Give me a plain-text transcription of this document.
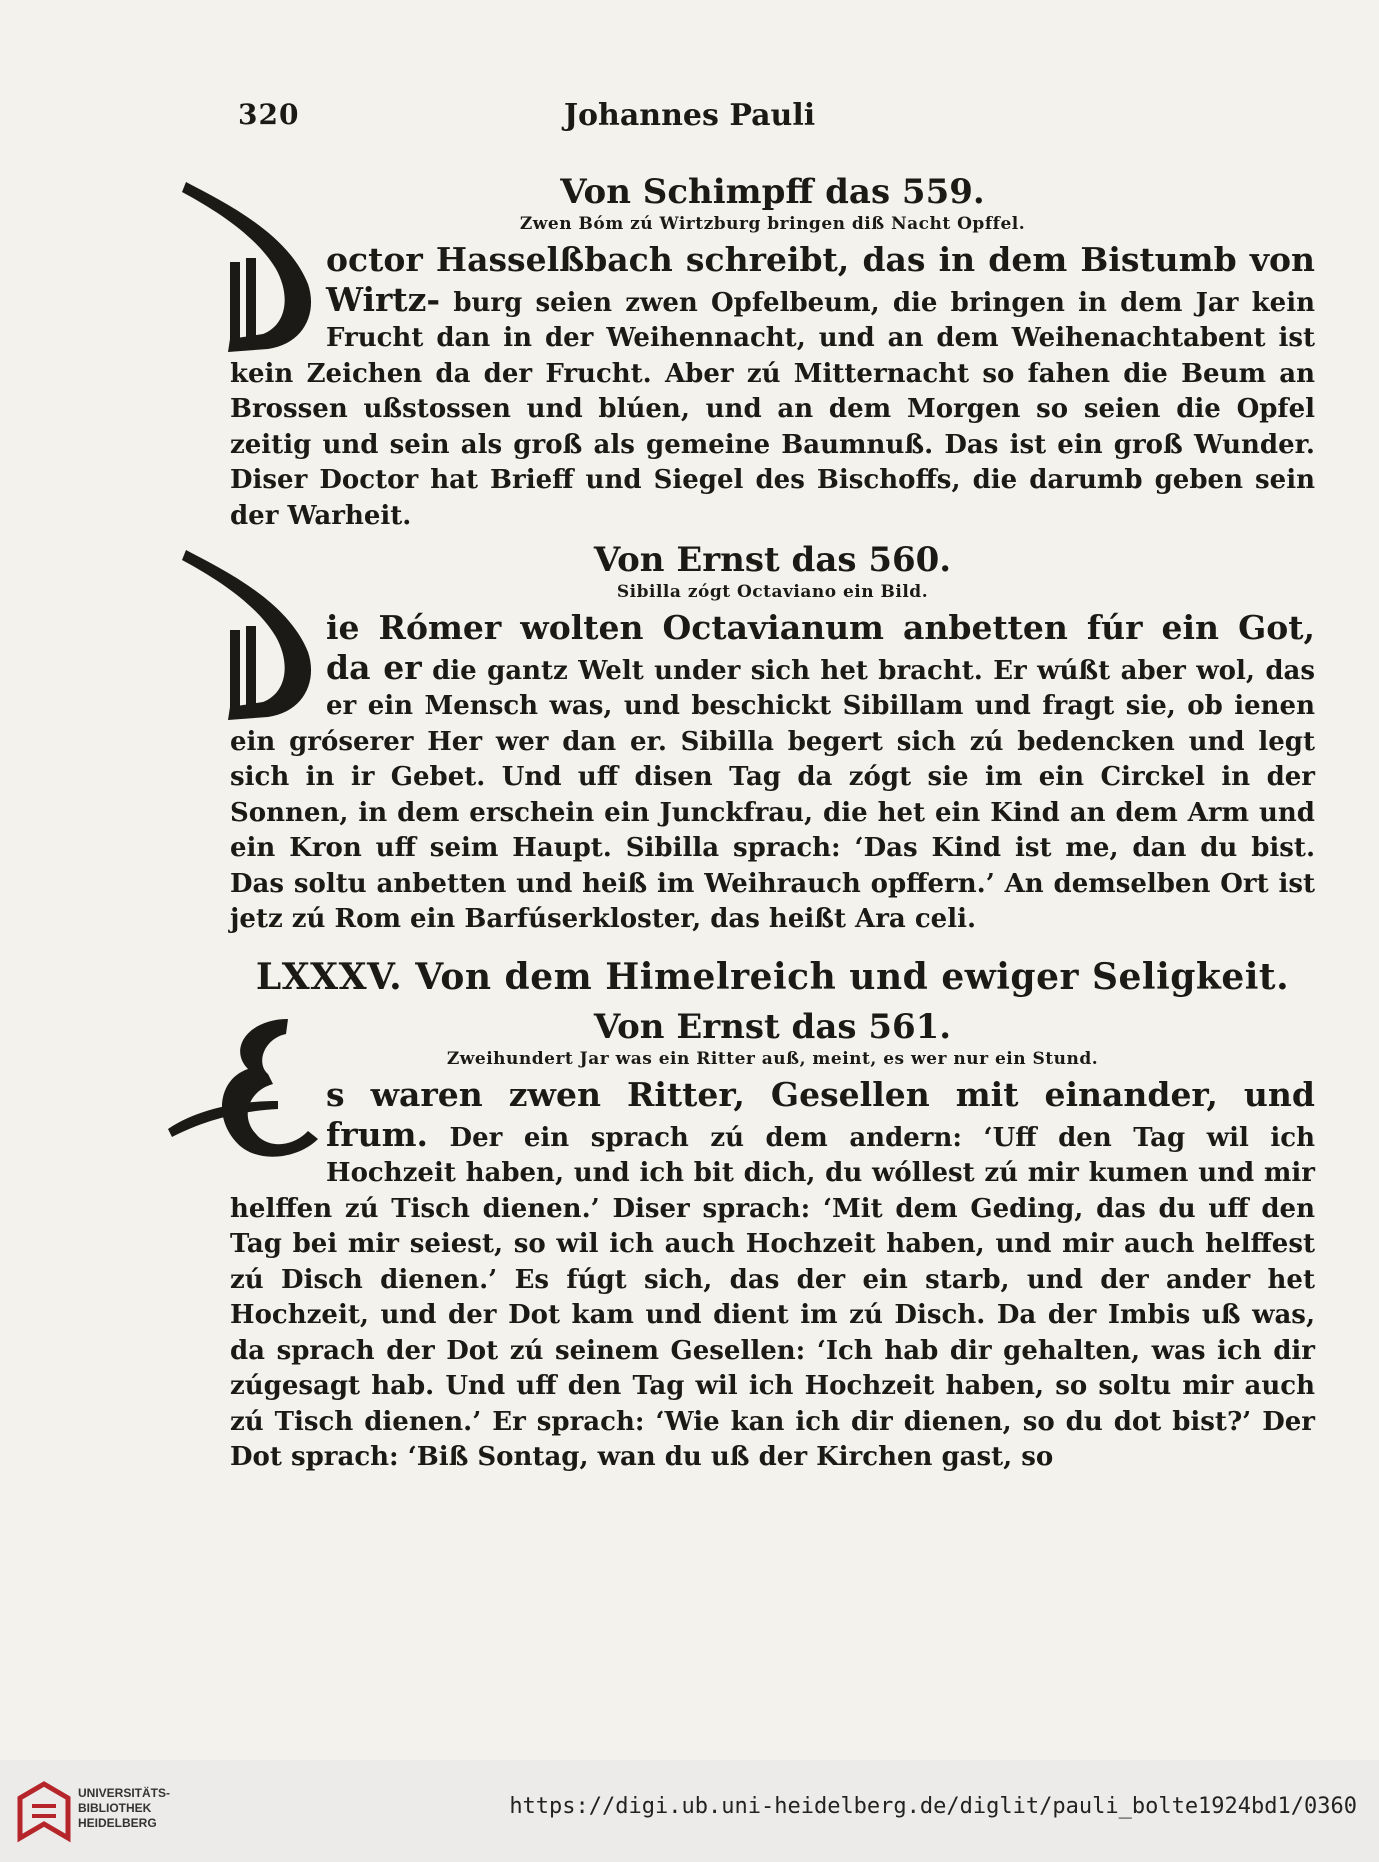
320	Johannes Pauli
Von Schimpff das 559.

Zwen Bóm zú Wirtzburg bringen diß Nacht Opffel.

octor Hasselßbach schreibt, das in dem Bistumb von Wirtz- burg seien zwen Opfelbeum, die bringen in dem Jar kein Frucht dan in der Weihennacht, und an dem Weihenachtabent ist kein Zeichen da der Frucht. Aber zú Mitternacht so fahen die Beum an Brossen ußstossen und blúen, und an dem Morgen so seien die Opfel zeitig und sein als groß als gemeine Baumnuß. Das ist ein groß Wunder. Diser Doctor hat Brieff und Siegel des Bischoffs, die darumb geben sein der Warheit.
Von Ernst das 560.

Sibilla zógt Octaviano ein Bild.

ie Rómer wolten Octavianum anbetten fúr ein Got, da er die gantz Welt under sich het bracht. Er wúßt aber wol, das er ein Mensch was, und beschickt Sibillam und fragt sie, ob ienen ein gróserer Her wer dan er. Sibilla begert sich zú bedencken und legt sich in ir Gebet. Und uff disen Tag da zógt sie im ein Circkel in der Sonnen, in dem erschein ein Junckfrau, die het ein Kind an dem Arm und ein Kron uff seim Haupt. Sibilla sprach: ‘Das Kind ist me, dan du bist. Das soltu anbetten und heiß im Weihrauch opffern.’ An demselben Ort ist jetz zú Rom ein Barfúserkloster, das heißt Ara celi.
LXXXV. Von dem Himelreich und ewiger Seligkeit.
Von Ernst das 561.

Zweihundert Jar was ein Ritter auß, meint, es wer nur ein Stund.

s waren zwen Ritter, Gesellen mit einander, und frum. Der ein sprach zú dem andern: ‘Uff den Tag wil ich Hochzeit haben, und ich bit dich, du wóllest zú mir kumen und mir helffen zú Tisch dienen.’ Diser sprach: ‘Mit dem Geding, das du uff den Tag bei mir seiest, so wil ich auch Hochzeit haben, und mir auch helffest zú Disch dienen.’ Es fúgt sich, das der ein starb, und der ander het Hochzeit, und der Dot kam und dient im zú Disch. Da der Imbis uß was, da sprach der Dot zú seinem Gesellen: ‘Ich hab dir gehalten, was ich dir zúgesagt hab. Und uff den Tag wil ich Hochzeit haben, so soltu mir auch zú Tisch dienen.’ Er sprach: ‘Wie kan ich dir dienen, so du dot bist?’ Der Dot sprach: ‘Biß Sontag, wan du uß der Kirchen gast, so
UNIVERSITÄTS-
BIBLIOTHEK
HEIDELBERG
https://digi.ub.uni-heidelberg.de/diglit/pauli_bolte1924bd1/0360
